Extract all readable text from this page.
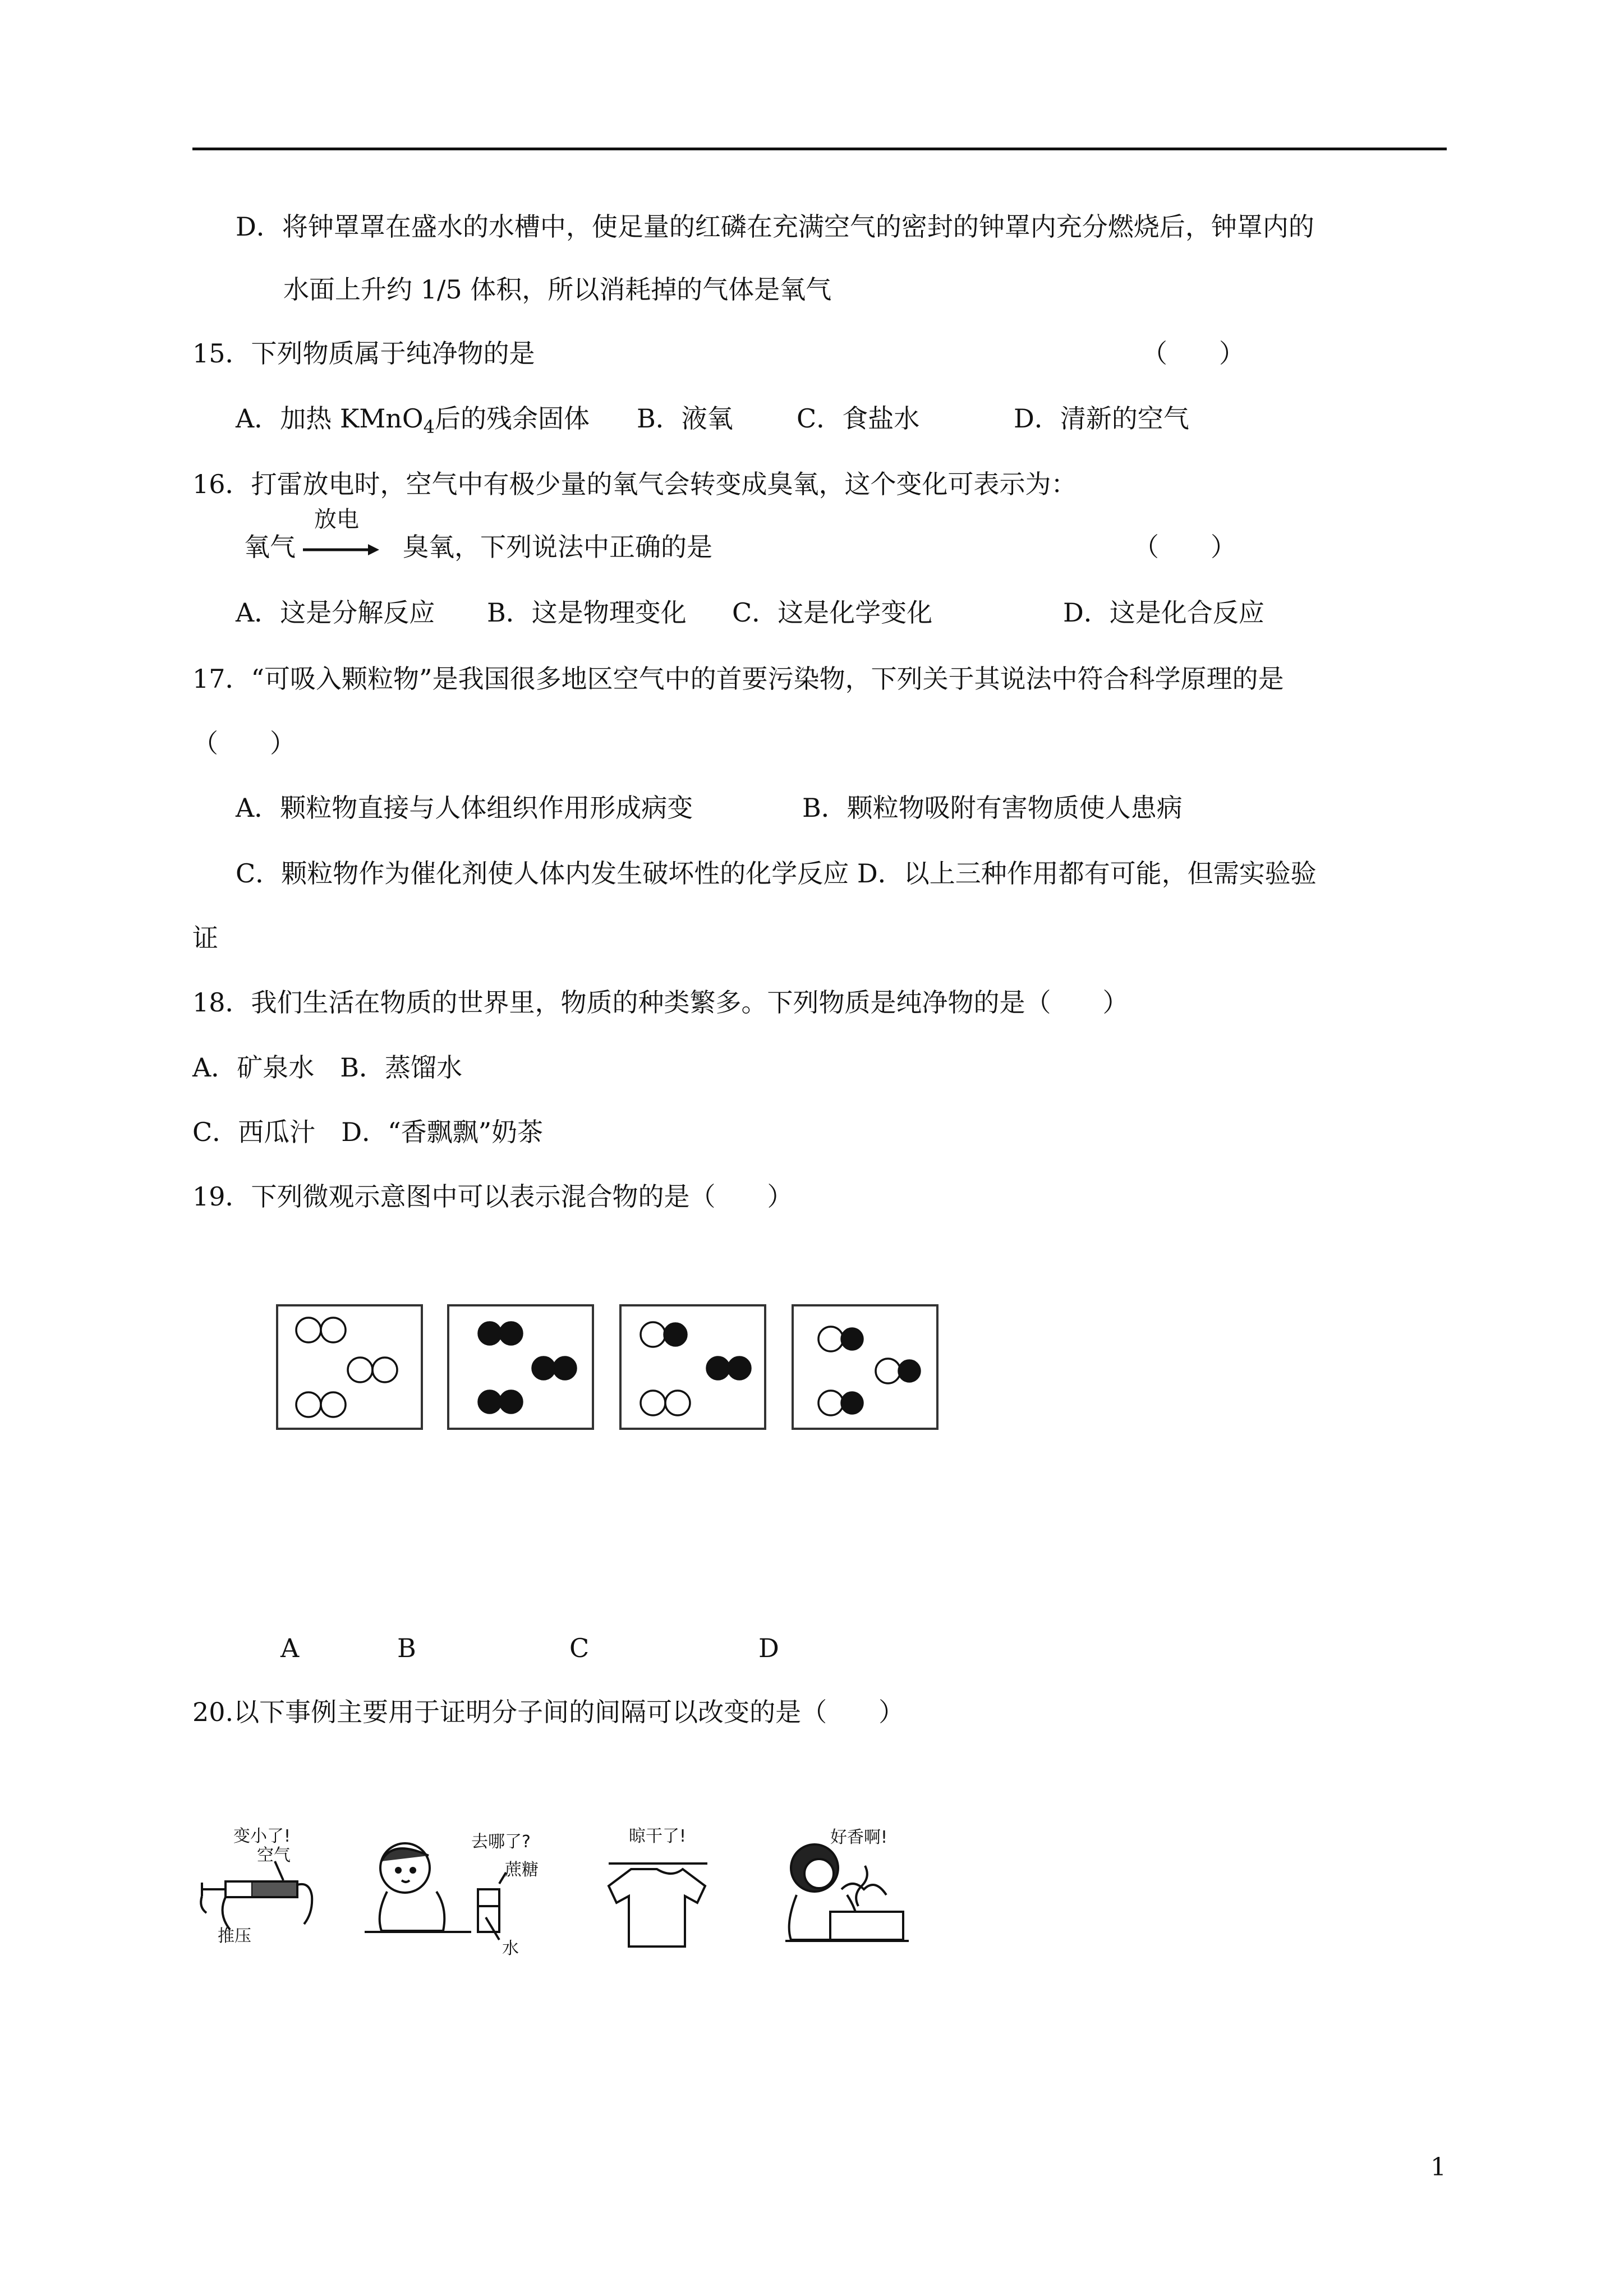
D．将钟罩罩在盛水的水槽中，使足量的红磷在充满空气的密封的钟罩内充分燃烧后，钟罩内的
水面上升约 1/5 体积，所以消耗掉的气体是氧气
15．下列物质属于纯净物的是	（　　）
A．加热 KMnO$_4$后的残余固体 B．液氧 C．食盐水	D．清新的空气
16．打雷放电时，空气中有极少量的氧气会转变成臭氧，这个变化可表示为：
放电
氧气	臭氧，下列说法中正确的是	（　　）
A．这是分解反应 B．这是物理变化 C．这是化学变化	D．这是化合反应
17．“可吸入颗粒物”是我国很多地区空气中的首要污染物，下列关于其说法中符合科学原理的是
（　　）
A．颗粒物直接与人体组织作用形成病变	B．颗粒物吸附有害物质使人患病
C．颗粒物作为催化剂使人体内发生破坏性的化学反应 D．以上三种作用都有可能，但需实验验
证
18．我们生活在物质的世界里，物质的种类繁多。下列物质是纯净物的是（　　）
A．矿泉水　B．蒸馏水
C．西瓜汁　D．“香飘飘”奶茶
19．下列微观示意图中可以表示混合物的是（　　）
A	B	C	D
20.以下事例主要用于证明分子间的间隔可以改变的是（　　）
变小了!
空气
推压
去哪了?
蔗糖
水
晾干了!	好香啊!
1
